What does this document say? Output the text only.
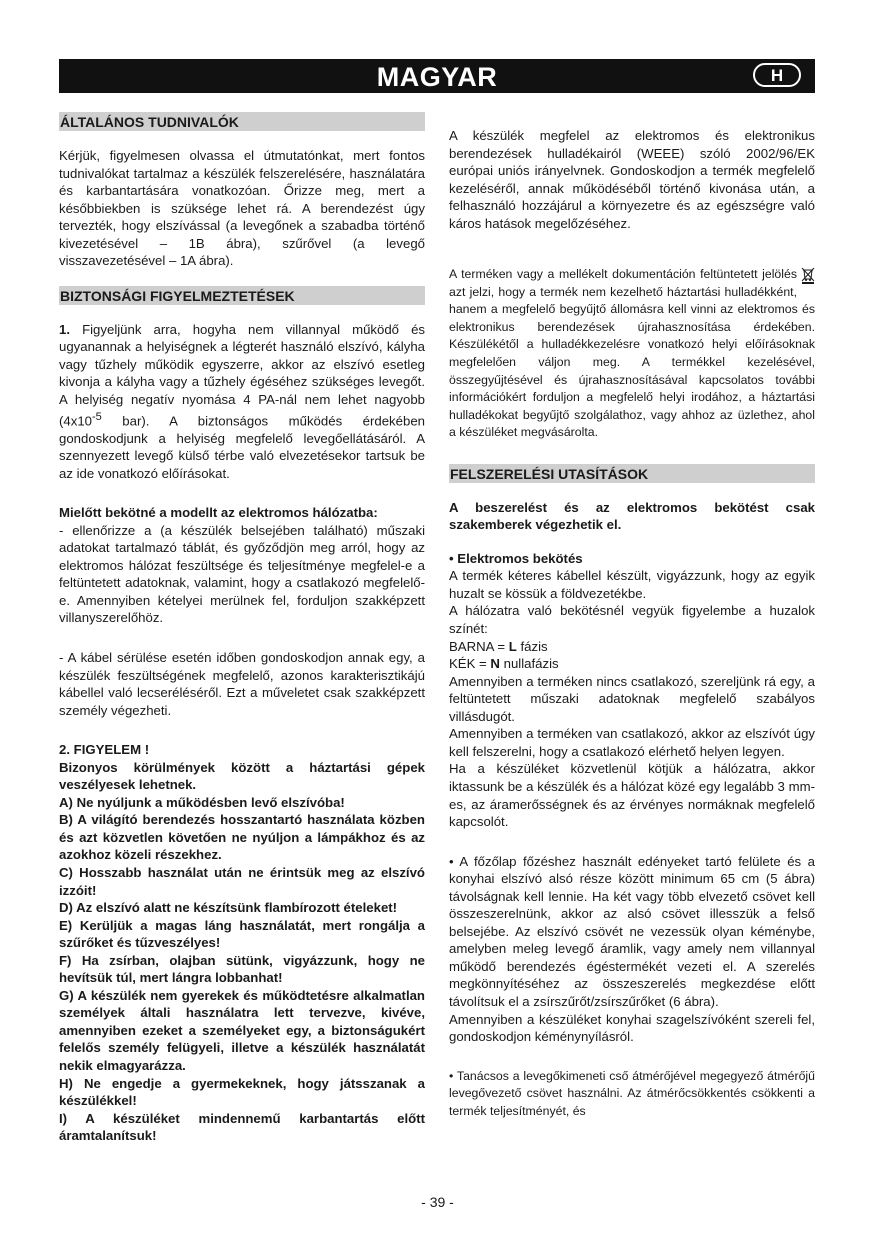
MAGYAR	H
ÁLTALÁNOS TUDNIVALÓK

Kérjük, figyelmesen olvassa el útmutatónkat, mert fontos tudnivalókat tartalmaz a készülék felszerelésére, használatára és karbantartására vonatkozóan. Őrizze meg, mert a későbbiekben is szüksége lehet rá. A berendezést úgy tervezték, hogy elszívással (a levegőnek a szabadba történő kivezetésével – 1B ábra), szűrővel (a levegő visszavezetésével – 1A ábra).

BIZTONSÁGI FIGYELMEZTETÉSEK

1. Figyeljünk arra, hogyha nem villannyal működő és ugyanannak a helyiségnek a légterét használó elszívó, kályha vagy tűzhely működik egyszerre, akkor az elszívó esetleg kivonja a kályha vagy a tűzhely égéséhez szükséges levegőt. A helyiség negatív nyomása 4 PA-nál nem lehet nagyobb ($4x10^{-5}$ bar). A biztonságos működés érdekében gondoskodjunk a helyiség megfelelő levegőellátásáról. A szennyezett levegő külső térbe való elvezetésekor tartsuk be az ide vonatkozó előírásokat.

Mielőtt bekötné a modellt az elektromos hálózatba:

- ellenőrizze a (a készülék belsejében található) műszaki adatokat tartalmazó táblát, és győződjön meg arról, hogy az elektromos hálózat feszültsége és teljesítménye megfelel-e a feltüntetett adatoknak, valamint, hogy a csatlakozó megfelelő-e. Amennyiben kételyei merülnek fel, forduljon szakképzett villanyszerelőhöz.

- A kábel sérülése esetén időben gondoskodjon annak egy, a készülék feszültségének megfelelő, azonos karakterisztikájú kábellel való lecseréléséről. Ezt a műveletet csak szakképzett személy végezheti.

2. FIGYELEM !

Bizonyos körülmények között a háztartási gépek veszélyesek lehetnek.

A) Ne nyúljunk a működésben levő elszívóba!

B) A világító berendezés hosszantartó használata közben és azt közvetlen követően ne nyúljon a lámpákhoz és az azokhoz közeli részekhez.

C) Hosszabb használat után ne érintsük meg az elszívó izzóit!

D) Az elszívó alatt ne készítsünk flambírozott ételeket!

E) Kerüljük a magas láng használatát, mert rongálja a szűrőket és tűzveszélyes!

F) Ha zsírban, olajban sütünk, vigyázzunk, hogy ne hevítsük túl, mert lángra lobbanhat!

G) A készülék nem gyerekek és működtetésre alkalmatlan személyek általi használatra lett tervezve, kivéve, amennyiben ezeket a személyeket egy, a biztonságukért felelős személy felügyeli, illetve a készülék használatát nekik elmagyarázza.

H) Ne engedje a gyermekeknek, hogy játsszanak a készülékkel!

I) A készüléket mindennemű karbantartás előtt áramtalanítsuk!

A készülék megfelel az elektromos és elektronikus berendezések hulladékairól (WEEE) szóló 2002/96/EK európai uniós irányelvnek. Gondoskodjon a termék megfelelő kezeléséről, annak működéséből történő kivonása után, a felhasználó hozzájárul a környezetre és az egészségre való káros hatások megelőzéséhez.

A terméken vagy a mellékelt dokumentáción feltüntetett jelölés azt jelzi, hogy a termék nem kezelhető háztartási hulladékként, hanem a megfelelő begyűjtő állomásra kell vinni az elektromos és elektronikus berendezések újrahasznosítása érdekében. Készülékétől a hulladékkezelésre vonatkozó helyi előírásoknak megfelelően váljon meg. A termékkel kezelésével, összegyűjtésével és újrahasznosításával kapcsolatos további információkért forduljon a megfelelő helyi irodához, a háztartási hulladékokat begyűjtő szolgálathoz, vagy ahhoz az üzlethez, ahol a készüléket megvásárolta.

FELSZERELÉSI UTASÍTÁSOK

A beszerelést és az elektromos bekötést csak szakemberek végezhetik el.

• Elektromos bekötés

A termék kéteres kábellel készült, vigyázzunk, hogy az egyik huzalt se kössük a földvezetékbe.

A hálózatra való bekötésnél vegyük figyelembe a huzalok színét:

BARNA = L fázis

KÉK = N nullafázis

Amennyiben a terméken nincs csatlakozó, szereljünk rá egy, a feltüntetett műszaki adatoknak megfelelő szabályos villásdugót.

Amennyiben a terméken van csatlakozó, akkor az elszívót úgy kell felszerelni, hogy a csatlakozó elérhető helyen legyen.

Ha a készüléket közvetlenül kötjük a hálózatra, akkor iktassunk be a készülék és a hálózat közé egy legalább 3 mm-es, az áramerősségnek és az érvényes normáknak megfelelő kapcsolót.

• A főzőlap főzéshez használt edényeket tartó felülete és a konyhai elszívó alsó része között minimum 65 cm (5 ábra) távolságnak kell lennie. Ha két vagy több elvezető csövet kell összeszerelnünk, akkor az alsó csövet illesszük a felső belsejébe. Az elszívó csövét ne vezessük olyan kéménybe, amelyben meleg levegő áramlik, vagy amely nem villannyal működő berendezés égéstermékét vezeti el. A szerelés megkönnyítéséhez az összeszerelés megkezdése előtt távolítsuk el a zsírszűrőt/zsírszűrőket (6 ábra).

Amennyiben a készüléket konyhai szagelszívóként szereli fel, gondoskodjon kéménynyílásról.

• Tanácsos a levegőkimeneti cső átmérőjével megegyező átmérőjű levegővezető csövet használni. Az átmérőcsökkentés csökkenti a termék teljesítményét, és

- 39 -
